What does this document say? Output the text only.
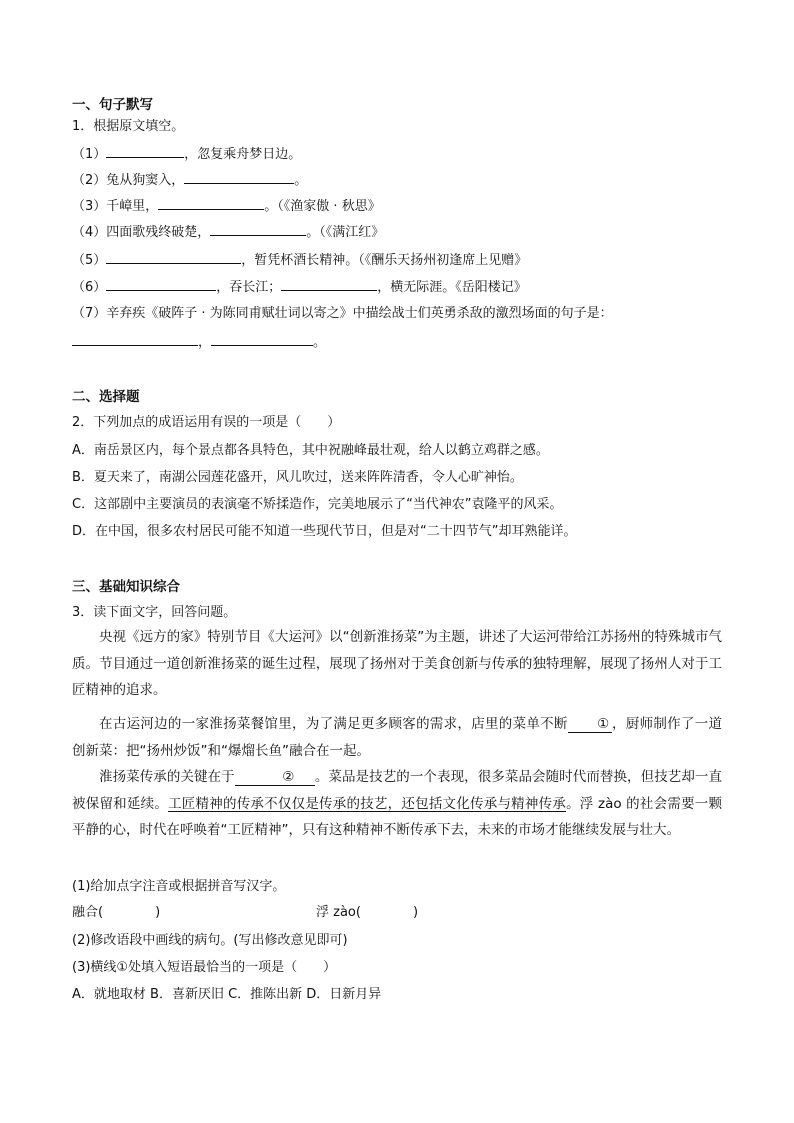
一、句子默写
1．根据原文填空。
（1）	，忽复乘舟梦日边。
（2）兔从狗窦入，	。
（3）千嶂里，	。（《渔家傲 · 秋思》
（4）四面歌残终破楚，	。（《满江红》
（5）	，暂凭杯酒长精神。（《酬乐天扬州初逢席上见赠》
（6）	，吞长江；	，横无际涯。《岳阳楼记》
（7）辛弃疾《破阵子 · 为陈同甫赋壮词以寄之》中描绘战士们英勇杀敌的激烈场面的句子是：
，	。
二、选择题
2．下列加点的成语运用有误的一项是（　　）
A．南岳景区内，每个景点都各具特色，其中祝融峰最壮观，给人以鹤立鸡群之感。
B．夏天来了，南湖公园莲花盛开，风儿吹过，送来阵阵清香，令人心旷神怡。
C．这部剧中主要演员的表演毫不矫揉造作，完美地展示了“当代神农”袁隆平的风采。
D．在中国，很多农村居民可能不知道一些现代节日，但是对“二十四节气”却耳熟能详。
三、基础知识综合
3．读下面文字，回答问题。
央视《远方的家》特别节目《大运河》以“创新淮扬菜”为主题，讲述了大运河带给江苏扬州的特殊城市气质。节目通过一道创新淮扬菜的诞生过程，展现了扬州对于美食创新与传承的独特理解，展现了扬州人对于工匠精神的追求。
在古运河边的一家淮扬菜餐馆里，为了满足更多顾客的需求，店里的菜单不断 ① ，厨师制作了一道创新菜：把“扬州炒饭”和“爆熘长鱼”融合在一起。
淮扬菜传承的关键在于	② 。菜品是技艺的一个表现，很多菜品会随时代而替换，但技艺却一直被保留和延续。工匠精神的传承不仅仅是传承的技艺，还包括文化传承与精神传承。浮 zào 的社会需要一颗平静的心，时代在呼唤着“工匠精神”，只有这种精神不断传承下去，未来的市场才能继续发展与壮大。
(1)给加点字注音或根据拼音写汉字。
融合(　　　　)	浮 zào(　　　　)
(2)修改语段中画线的病句。(写出修改意见即可)
(3)横线①处填入短语最恰当的一项是（　　）
A．就地取材 B．喜新厌旧 C．推陈出新 D．日新月异
